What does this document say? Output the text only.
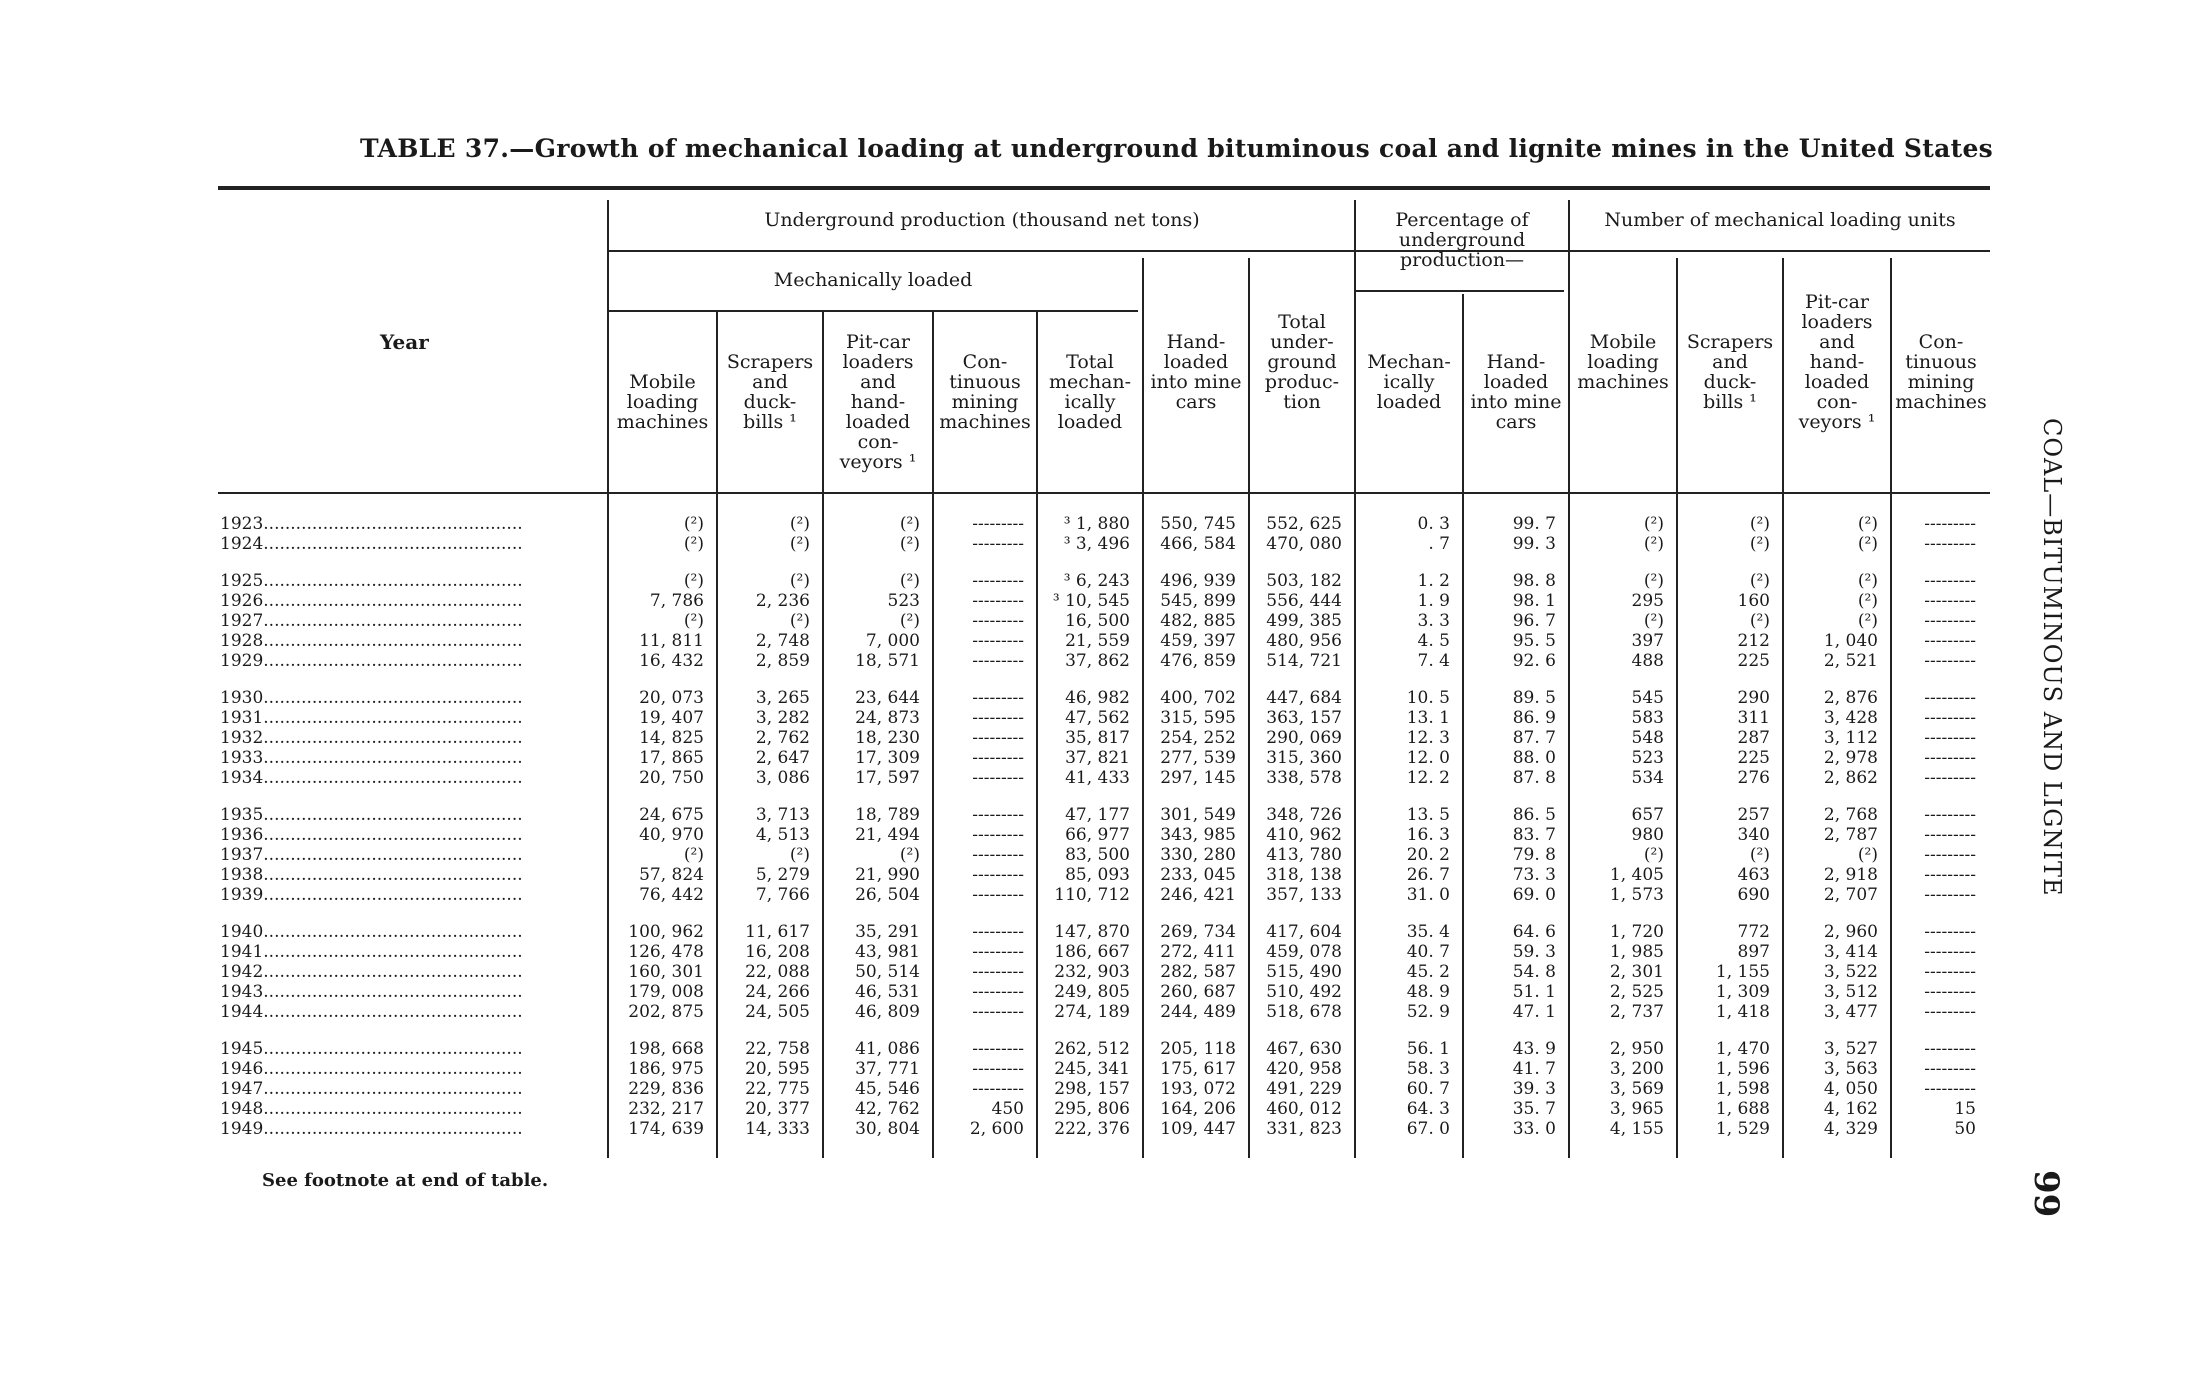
TABLE 37.—Growth of mechanical loading at underground bituminous coal and lignite mines in the United States
Year
Underground production (thousand net tons)
Mechanically loaded
Percentage of
underground
production—
Number of mechanical loading units
Mobile
loading
machines
Scrapers
and
duck-
bills ¹
Pit-car
loaders
and
hand-
loaded
con-
veyors ¹
Con-
tinuous
mining
machines
Total
mechan-
ically
loaded
Hand-
loaded
into mine
cars
Total
under-
ground
produc-
tion
Mechan-
ically
loaded
Hand-
loaded
into mine
cars
Mobile
loading
machines
Scrapers
and
duck-
bills ¹
Pit-car
loaders
and
hand-
loaded
con-
veyors ¹
Con-
tinuous
mining
machines
1923................................................	(²)	(²)	(²)	---------	³ 1, 880	550, 745	552, 625	0. 3	99. 7	(²)	(²)	(²)	---------
1924................................................	(²)	(²)	(²)	---------	³ 3, 496	466, 584	470, 080	. 7	99. 3	(²)	(²)	(²)	---------
1925................................................	(²)	(²)	(²)	---------	³ 6, 243	496, 939	503, 182	1. 2	98. 8	(²)	(²)	(²)	---------
1926................................................	7, 786	2, 236	523	---------	³ 10, 545	545, 899	556, 444	1. 9	98. 1	295	160	(²)	---------
1927................................................	(²)	(²)	(²)	---------	16, 500	482, 885	499, 385	3. 3	96. 7	(²)	(²)	(²)	---------
1928................................................	11, 811	2, 748	7, 000	---------	21, 559	459, 397	480, 956	4. 5	95. 5	397	212	1, 040	---------
1929................................................	16, 432	2, 859	18, 571	---------	37, 862	476, 859	514, 721	7. 4	92. 6	488	225	2, 521	---------
1930................................................	20, 073	3, 265	23, 644	---------	46, 982	400, 702	447, 684	10. 5	89. 5	545	290	2, 876	---------
1931................................................	19, 407	3, 282	24, 873	---------	47, 562	315, 595	363, 157	13. 1	86. 9	583	311	3, 428	---------
1932................................................	14, 825	2, 762	18, 230	---------	35, 817	254, 252	290, 069	12. 3	87. 7	548	287	3, 112	---------
1933................................................	17, 865	2, 647	17, 309	---------	37, 821	277, 539	315, 360	12. 0	88. 0	523	225	2, 978	---------
1934................................................	20, 750	3, 086	17, 597	---------	41, 433	297, 145	338, 578	12. 2	87. 8	534	276	2, 862	---------
1935................................................	24, 675	3, 713	18, 789	---------	47, 177	301, 549	348, 726	13. 5	86. 5	657	257	2, 768	---------
1936................................................	40, 970	4, 513	21, 494	---------	66, 977	343, 985	410, 962	16. 3	83. 7	980	340	2, 787	---------
1937................................................	(²)	(²)	(²)	---------	83, 500	330, 280	413, 780	20. 2	79. 8	(²)	(²)	(²)	---------
1938................................................	57, 824	5, 279	21, 990	---------	85, 093	233, 045	318, 138	26. 7	73. 3	1, 405	463	2, 918	---------
1939................................................	76, 442	7, 766	26, 504	---------	110, 712	246, 421	357, 133	31. 0	69. 0	1, 573	690	2, 707	---------
1940................................................	100, 962	11, 617	35, 291	---------	147, 870	269, 734	417, 604	35. 4	64. 6	1, 720	772	2, 960	---------
1941................................................	126, 478	16, 208	43, 981	---------	186, 667	272, 411	459, 078	40. 7	59. 3	1, 985	897	3, 414	---------
1942................................................	160, 301	22, 088	50, 514	---------	232, 903	282, 587	515, 490	45. 2	54. 8	2, 301	1, 155	3, 522	---------
1943................................................	179, 008	24, 266	46, 531	---------	249, 805	260, 687	510, 492	48. 9	51. 1	2, 525	1, 309	3, 512	---------
1944................................................	202, 875	24, 505	46, 809	---------	274, 189	244, 489	518, 678	52. 9	47. 1	2, 737	1, 418	3, 477	---------
1945................................................	198, 668	22, 758	41, 086	---------	262, 512	205, 118	467, 630	56. 1	43. 9	2, 950	1, 470	3, 527	---------
1946................................................	186, 975	20, 595	37, 771	---------	245, 341	175, 617	420, 958	58. 3	41. 7	3, 200	1, 596	3, 563	---------
1947................................................	229, 836	22, 775	45, 546	---------	298, 157	193, 072	491, 229	60. 7	39. 3	3, 569	1, 598	4, 050	---------
1948................................................	232, 217	20, 377	42, 762	450	295, 806	164, 206	460, 012	64. 3	35. 7	3, 965	1, 688	4, 162	15
1949................................................	174, 639	14, 333	30, 804	2, 600	222, 376	109, 447	331, 823	67. 0	33. 0	4, 155	1, 529	4, 329	50
See footnote at end of table.
COAL—BITUMINOUS AND LIGNITE
99
